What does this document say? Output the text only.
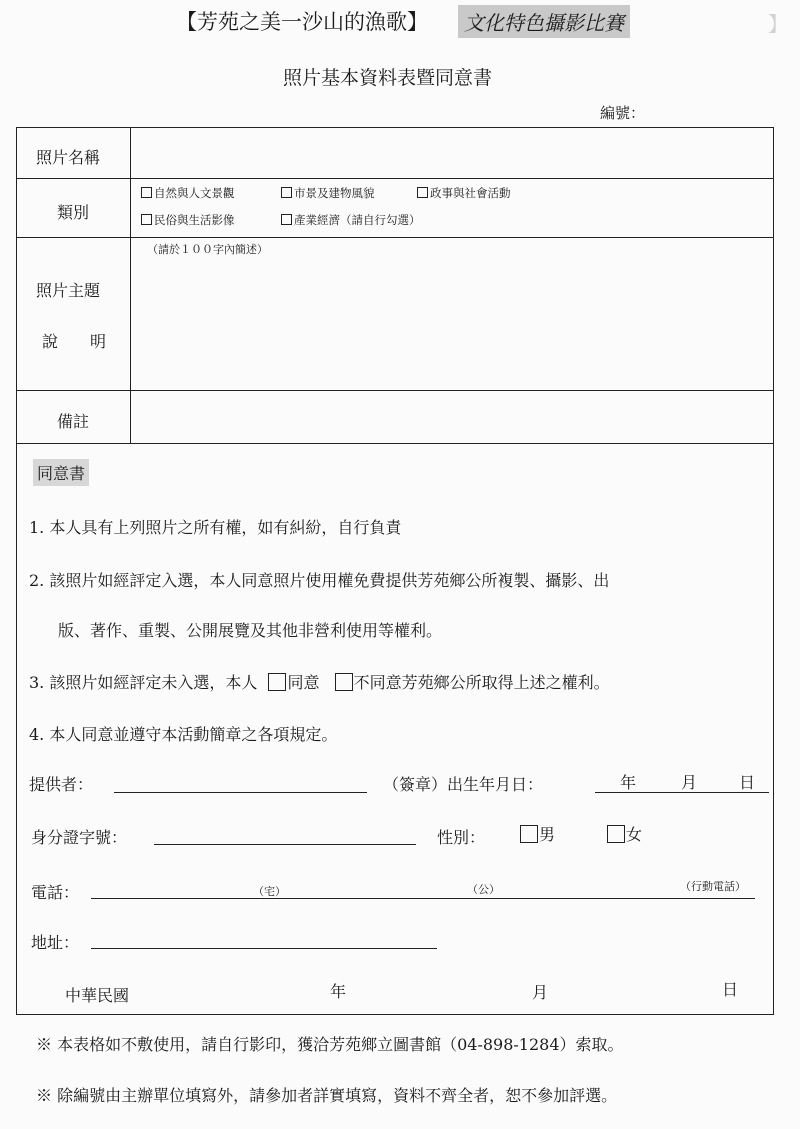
【芳苑之美一沙山的漁歌】	文化特色攝影比賽	】
照片基本資料表暨同意書
編號：
照片名稱
類別
自然與人文景觀	市景及建物風貌	政事與社會活動
民俗與生活影像	產業經濟（請自行勾選）
照片主題
說　　明
（請於１００字內簡述）
備註
同意書
1. 本人具有上列照片之所有權，如有糾紛，自行負責
2. 該照片如經評定入選，本人同意照片使用權免費提供芳苑鄉公所複製、攝影、出
版、著作、重製、公開展覽及其他非營利使用等權利。
3. 該照片如經評定未入選，本人 同意 不同意芳苑鄉公所取得上述之權利。
4. 本人同意並遵守本活動簡章之各項規定。
提供者：	（簽章）出生年月日：	年	月	日
身分證字號：	性別：	男	女
電話：	（宅）	（公）	（行動電話）
地址：
中華民國	年	月	日
※ 本表格如不敷使用，請自行影印，獲洽芳苑鄉立圖書館（04-898-1284）索取。
※ 除編號由主辦單位填寫外，請參加者詳實填寫，資料不齊全者，恕不參加評選。
